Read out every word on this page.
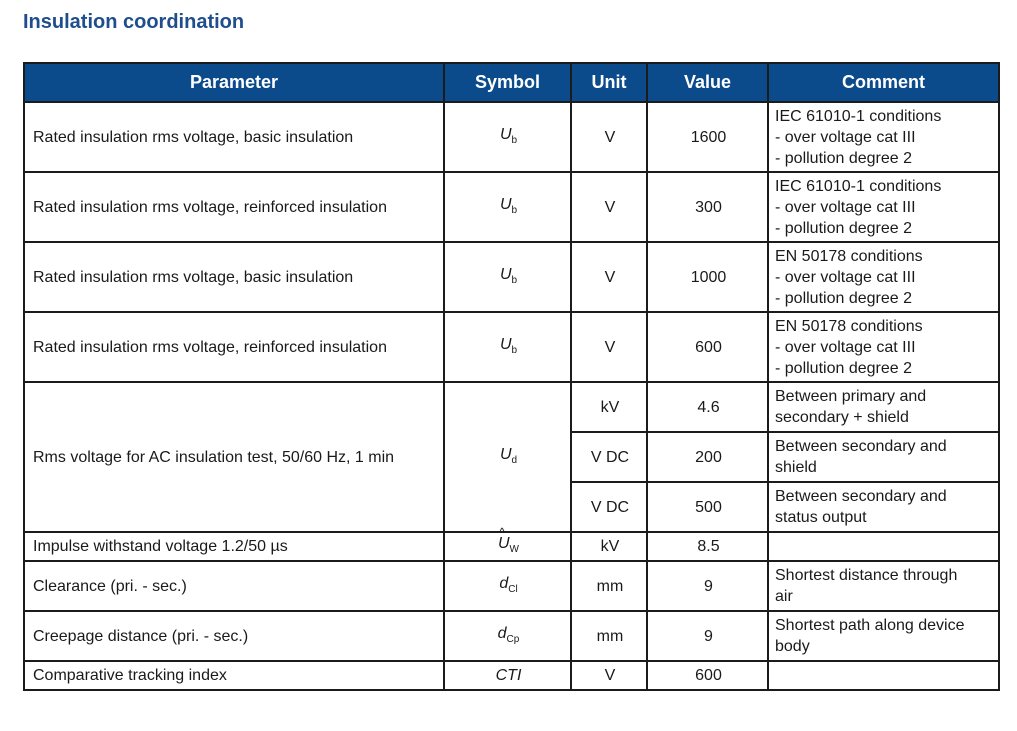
Insulation coordination
Parameter	Symbol	Unit	Value	Comment
Rated insulation rms voltage, basic insulation	$U_b$	V	1600	IEC 61010-1 conditions
- over voltage cat III
- pollution degree 2

Rated insulation rms voltage, reinforced insulation	$U_b$	V	300	IEC 61010-1 conditions
- over voltage cat III
- pollution degree 2

Rated insulation rms voltage, basic insulation	$U_b$	V	1000	EN 50178 conditions
- over voltage cat III
- pollution degree 2

Rated insulation rms voltage, reinforced insulation	$U_b$	V	600	EN 50178 conditions
- over voltage cat III
- pollution degree 2

Rms voltage for AC insulation test, 50/60 Hz, 1 min	$U_d$	kV	4.6	Between primary and
secondary + shield

		V DC	200	Between secondary and
shield

		V DC	500	Between secondary and
status output

Impulse withstand voltage 1.2/50 µs	^ $U_W$	kV	8.5	
Clearance (pri. - sec.)	$d_{Cl}$	mm	9	Shortest distance through
air

Creepage distance (pri. - sec.)	$d_{Cp}$	mm	9	Shortest path along device
body

Comparative tracking index	CTI	V	600	
